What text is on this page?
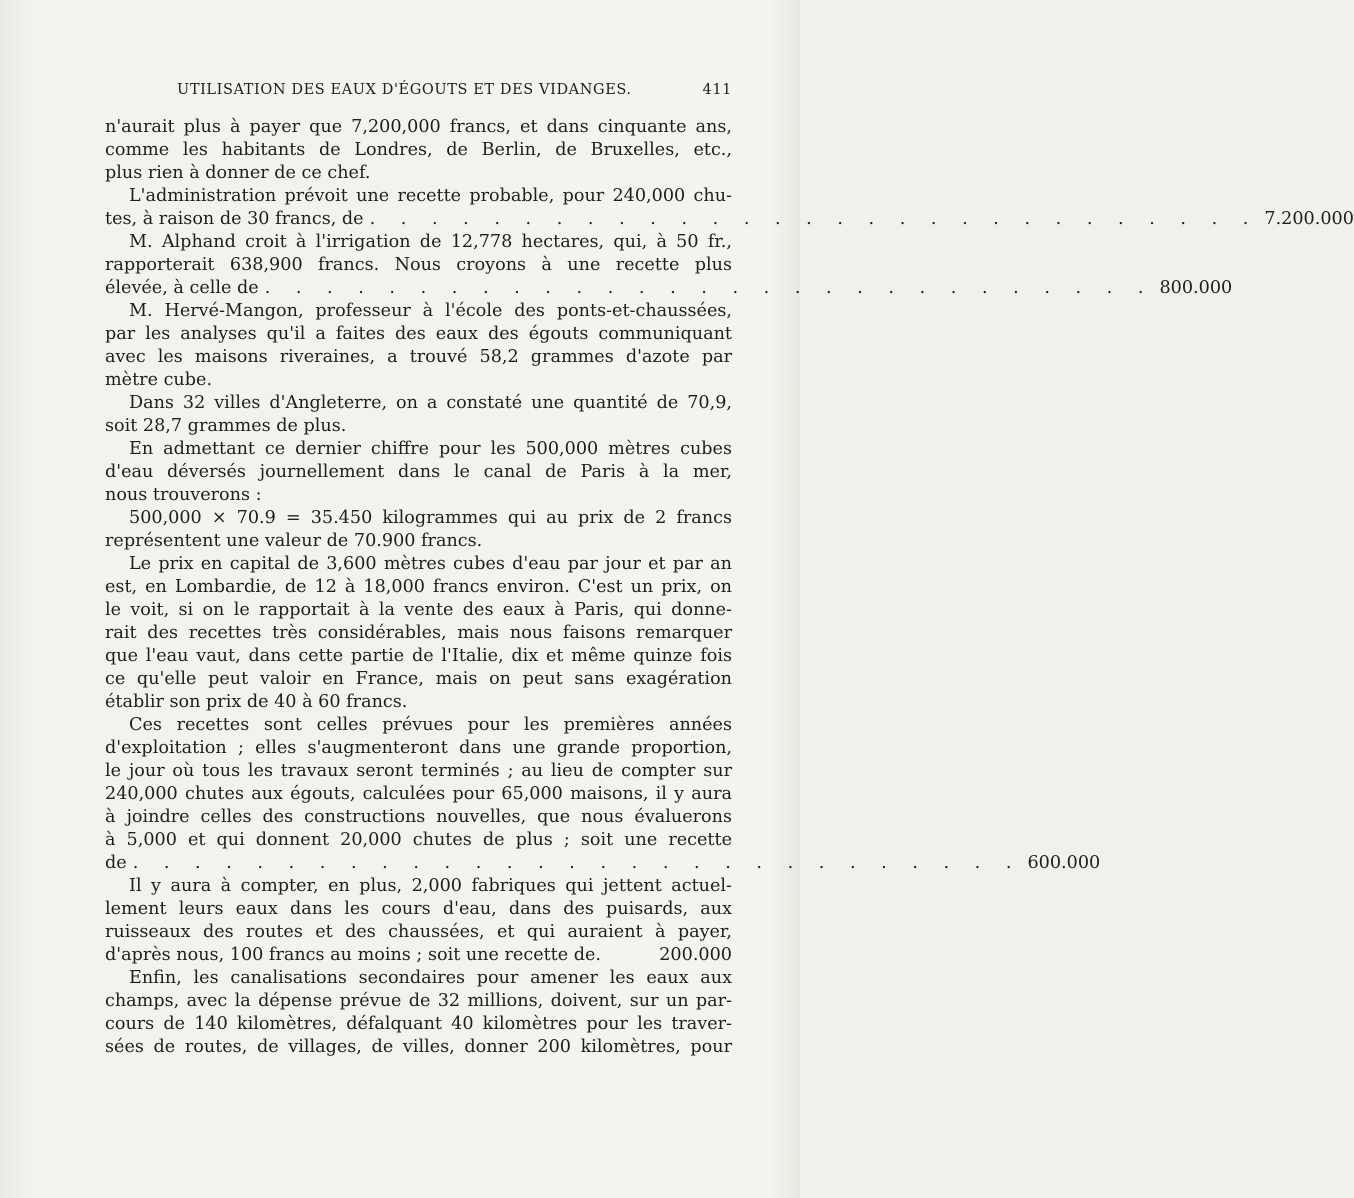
UTILISATION DES EAUX D'ÉGOUTS ET DES VIDANGES.	411
n'aurait plus à payer que 7,200,000 francs, et dans cinquante ans,
comme les habitants de Londres, de Berlin, de Bruxelles, etc.,
plus rien à donner de ce chef.
L'administration prévoit une recette probable, pour 240,000 chu-
tes, à raison de 30 francs, de . . . . . . . . . . . . . . . . . . . . . . . . . . . . . 7.200.000
M. Alphand croit à l'irrigation de 12,778 hectares, qui, à 50 fr.,
rapporterait 638,900 francs. Nous croyons à une recette plus
élevée, à celle de . . . . . . . . . . . . . . . . . . . . . . . . . . . . . 800.000
M. Hervé-Mangon, professeur à l'école des ponts-et-chaussées,
par les analyses qu'il a faites des eaux des égouts communiquant
avec les maisons riveraines, a trouvé 58,2 grammes d'azote par
mètre cube.
Dans 32 villes d'Angleterre, on a constaté une quantité de 70,9,
soit 28,7 grammes de plus.
En admettant ce dernier chiffre pour les 500,000 mètres cubes
d'eau déversés journellement dans le canal de Paris à la mer,
nous trouverons :
500,000 × 70.9 = 35.450 kilogrammes qui au prix de 2 francs
représentent une valeur de 70.900 francs.
Le prix en capital de 3,600 mètres cubes d'eau par jour et par an
est, en Lombardie, de 12 à 18,000 francs environ. C'est un prix, on
le voit, si on le rapportait à la vente des eaux à Paris, qui donne-
rait des recettes très considérables, mais nous faisons remarquer
que l'eau vaut, dans cette partie de l'Italie, dix et même quinze fois
ce qu'elle peut valoir en France, mais on peut sans exagération
établir son prix de 40 à 60 francs.
Ces recettes sont celles prévues pour les premières années
d'exploitation ; elles s'augmenteront dans une grande proportion,
le jour où tous les travaux seront terminés ; au lieu de compter sur
240,000 chutes aux égouts, calculées pour 65,000 maisons, il y aura
à joindre celles des constructions nouvelles, que nous évaluerons
à 5,000 et qui donnent 20,000 chutes de plus ; soit une recette
de . . . . . . . . . . . . . . . . . . . . . . . . . . . . . 600.000
Il y aura à compter, en plus, 2,000 fabriques qui jettent actuel-
lement leurs eaux dans les cours d'eau, dans des puisards, aux
ruisseaux des routes et des chaussées, et qui auraient à payer,
d'après nous, 100 francs au moins ; soit une recette de.	200.000
Enfin, les canalisations secondaires pour amener les eaux aux
champs, avec la dépense prévue de 32 millions, doivent, sur un par-
cours de 140 kilomètres, défalquant 40 kilomètres pour les traver-
sées de routes, de villages, de villes, donner 200 kilomètres, pour
